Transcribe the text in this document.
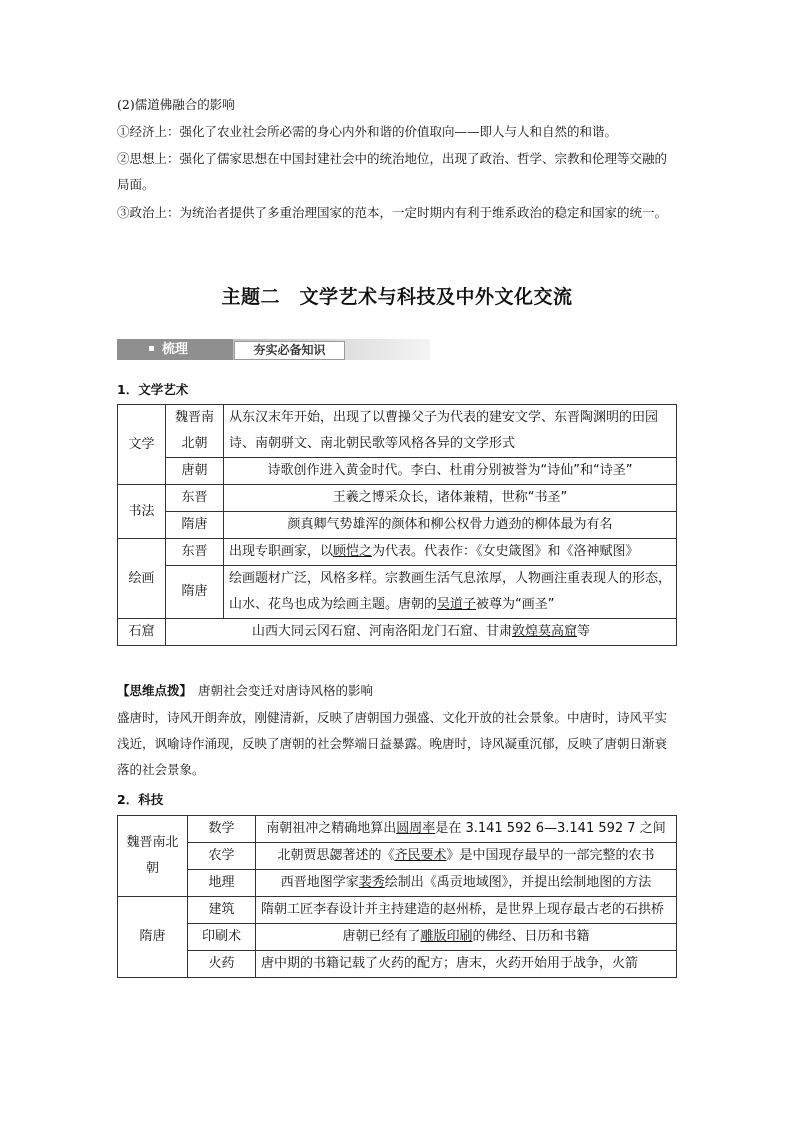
(2)儒道佛融合的影响
①经济上：强化了农业社会所必需的身心内外和谐的价值取向——即人与人和自然的和谐。
②思想上：强化了儒家思想在中国封建社会中的统治地位，出现了政治、哲学、宗教和伦理等交融的局面。
③政治上：为统治者提供了多重治理国家的范本，一定时期内有利于维系政治的稳定和国家的统一。
主题二　文学艺术与科技及中外文化交流
梳理	夯实必备知识
1．文学艺术
文学	魏晋南北朝	从东汉末年开始，出现了以曹操父子为代表的建安文学、东晋陶渊明的田园诗、南朝骈文、南北朝民歌等风格各异的文学形式
	唐朝	诗歌创作进入黄金时代。李白、杜甫分别被誉为“诗仙”和“诗圣”
书法	东晋	王羲之博采众长，诸体兼精，世称“书圣”
	隋唐	颜真卿气势雄浑的颜体和柳公权骨力遒劲的柳体最为有名
绘画	东晋	出现专职画家，以顾恺之为代表。代表作：《女史箴图》和《洛神赋图》
	隋唐	绘画题材广泛，风格多样。宗教画生活气息浓厚，人物画注重表现人的形态，山水、花鸟也成为绘画主题。唐朝的吴道子被尊为“画圣”
石窟	山西大同云冈石窟、河南洛阳龙门石窟、甘肃敦煌莫高窟等	
【思维点拨】 唐朝社会变迁对唐诗风格的影响
盛唐时，诗风开朗奔放，刚健清新，反映了唐朝国力强盛、文化开放的社会景象。中唐时，诗风平实浅近，讽喻诗作涌现，反映了唐朝的社会弊端日益暴露。晚唐时，诗风凝重沉郁，反映了唐朝日渐衰落的社会景象。
2．科技
魏晋南北朝	数学	南朝祖冲之精确地算出圆周率是在 3.141 592 6—3.141 592 7 之间
	农学	北朝贾思勰著述的《齐民要术》是中国现存最早的一部完整的农书
	地理	西晋地图学家裴秀绘制出《禹贡地域图》，并提出绘制地图的方法
隋唐	建筑	隋朝工匠李春设计并主持建造的赵州桥，是世界上现存最古老的石拱桥
	印刷术	唐朝已经有了雕版印刷的佛经、日历和书籍
	火药	唐中期的书籍记载了火药的配方；唐末，火药开始用于战争，火箭
